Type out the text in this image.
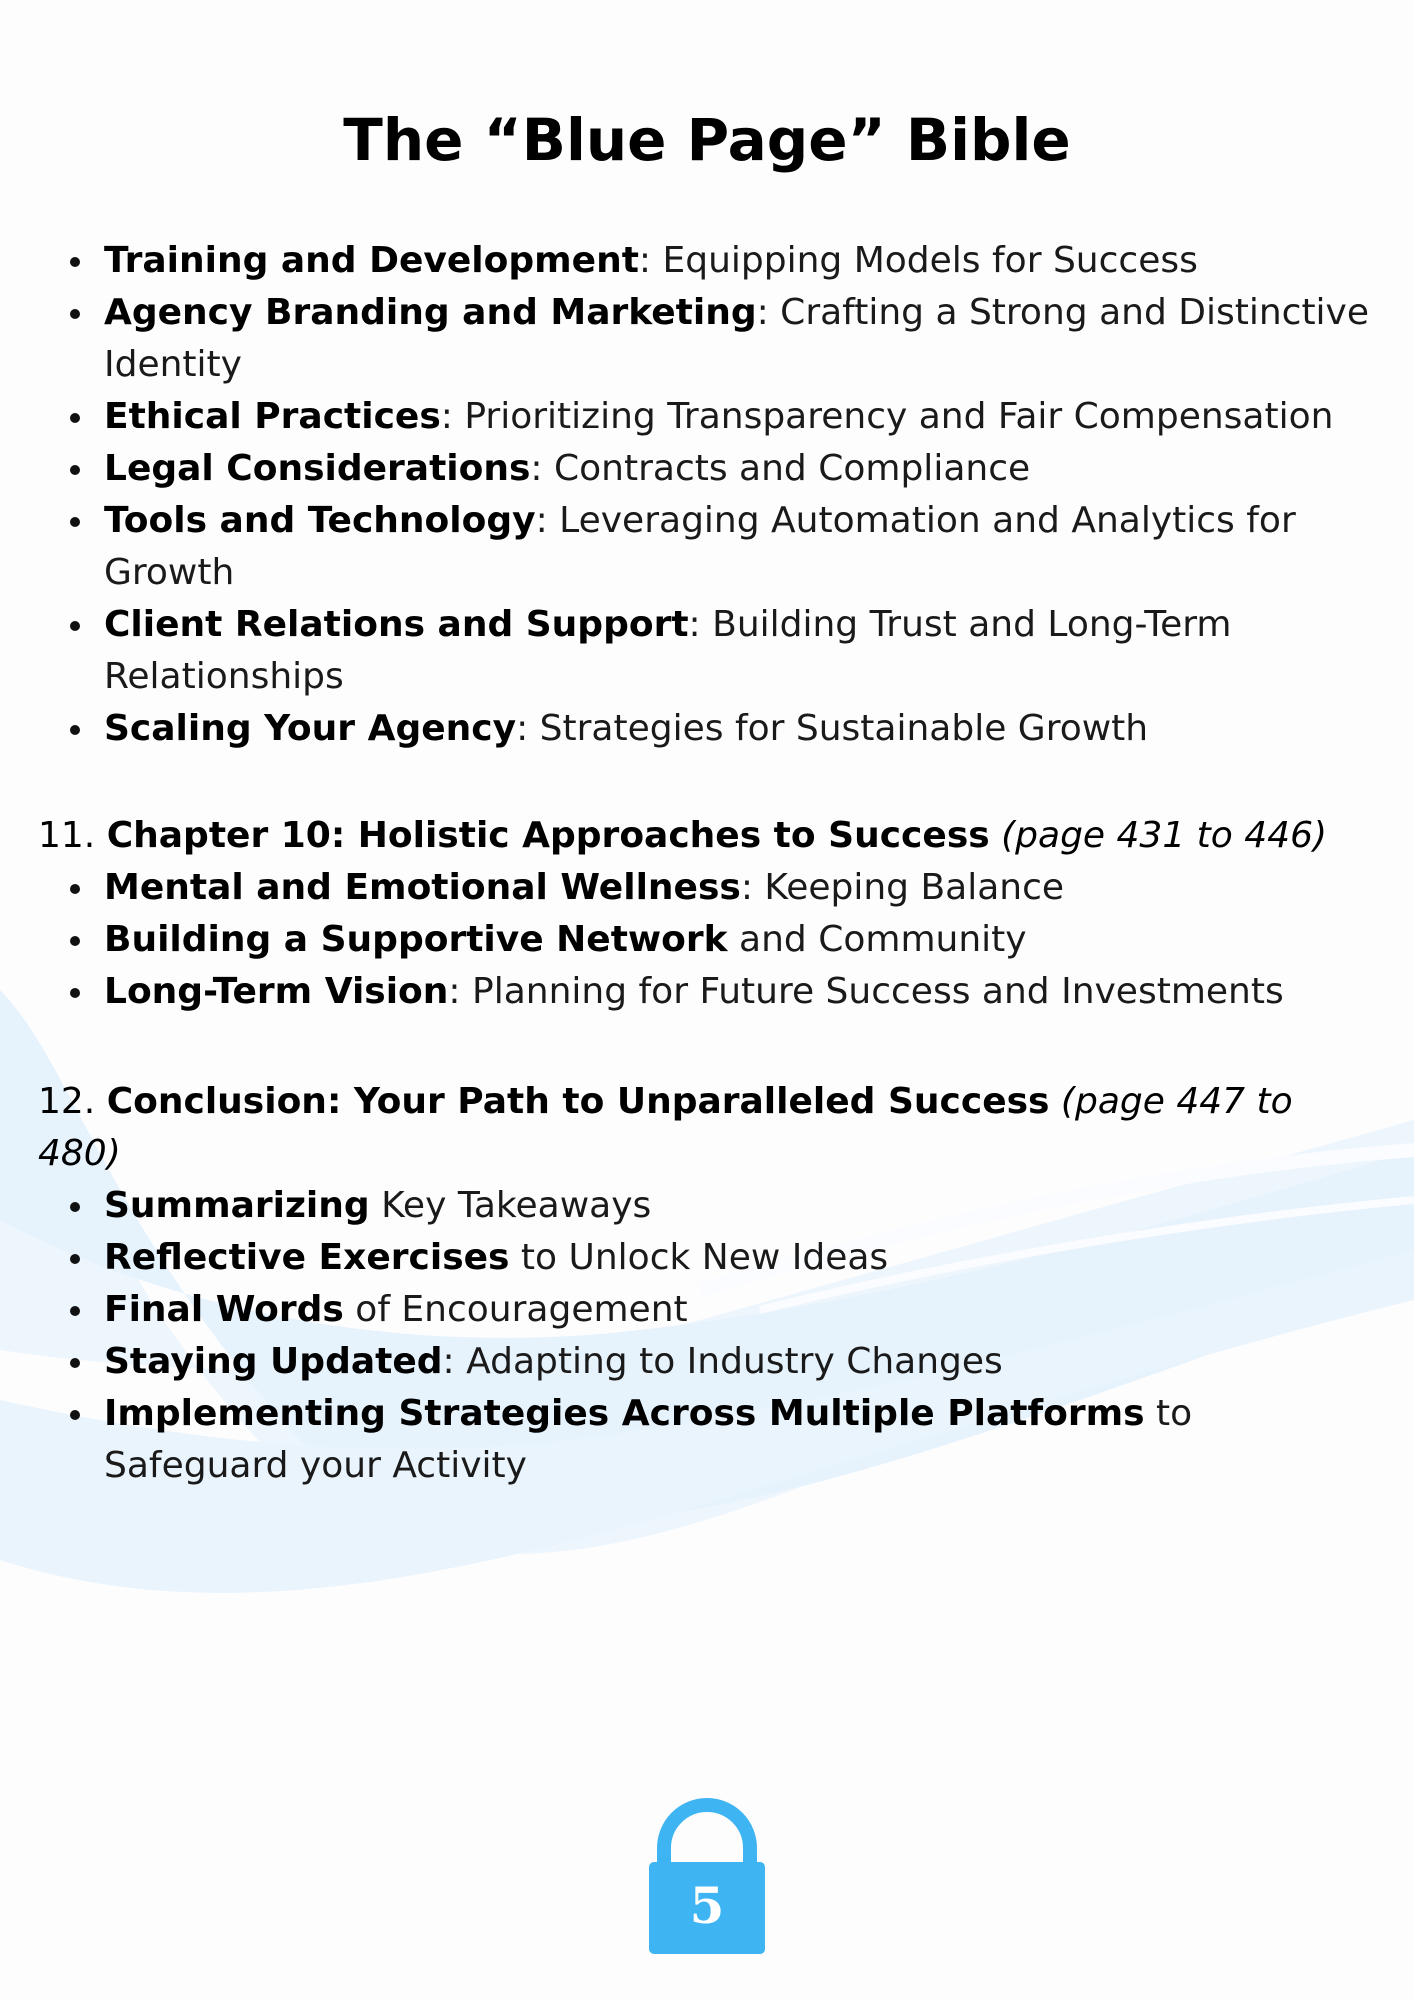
The “Blue Page” Bible
Training and Development: Equipping Models for Success
Agency Branding and Marketing: Crafting a Strong and Distinctive Identity
Ethical Practices: Prioritizing Transparency and Fair Compensation
Legal Considerations: Contracts and Compliance
Tools and Technology: Leveraging Automation and Analytics for Growth
Client Relations and Support: Building Trust and Long-Term Relationships
Scaling Your Agency: Strategies for Sustainable Growth
11. Chapter 10: Holistic Approaches to Success (page 431 to 446)
Mental and Emotional Wellness: Keeping Balance
Building a Supportive Network and Community
Long-Term Vision: Planning for Future Success and Investments
12. Conclusion: Your Path to Unparalleled Success (page 447 to 480)
Summarizing Key Takeaways
Reflective Exercises to Unlock New Ideas
Final Words of Encouragement
Staying Updated: Adapting to Industry Changes
Implementing Strategies Across Multiple Platforms to Safeguard your Activity
5
